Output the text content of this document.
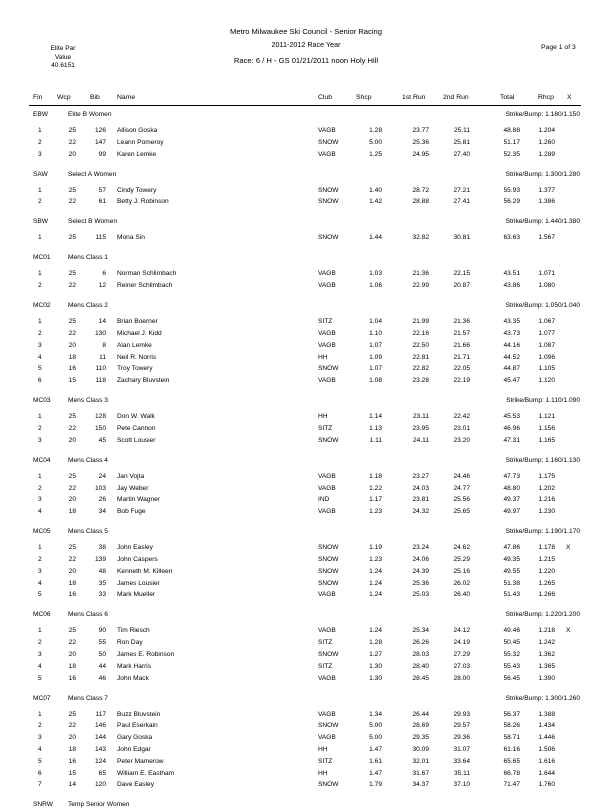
Metro Milwaukee Ski Council - Senior Racing
2011-2012 Race Year
Race: 6 / H - GS 01/21/2011 noon Holy Hill
Elite Par
Value
40.6151
Page 1 of 3
Fin Wcp	Bib	Name	Club	Shcp	1st Run	2nd Run	Total	Rhcp X
EBW	Elite B Women	Strike/Bump: 1.180/1.150
1	25	126 Allison Goska	VAGB	1.28	23.77	25.11	48.88	1.204
2	22	147 Leann Pomeroy	SNOW	5.00	25.36	25.81	51.17	1.260
3	20	99 Karen Lemke	VAGB	1.25	24.95	27.40	52.35	1.289
SAW	Select A Women	Strike/Bump: 1.300/1.280
1	25	57 Cindy Towery	SNOW	1.40	28.72	27.21	55.93	1.377
2	22	61 Betty J. Robinson	SNOW	1.42	28.88	27.41	56.29	1.386
SBW	Select B Women	Strike/Bump: 1.440/1.380
1	25	115 Mona Sin	SNOW	1.44	32.82	30.81	63.63	1.567
MC01	Mens Class 1
1	25	6 Norman Schlimbach	VAGB	1.03	21.36	22.15	43.51	1.071
2	22	12 Reiner Schlimbach	VAGB	1.06	22.99	20.87	43.86	1.080
MC02	Mens Class 2	Strike/Bump: 1.050/1.040
1	25	14 Brian Boerner	SITZ	1.04	21.99	21.36	43.35	1.067
2	22	130 Michael J. Kidd	VAGB	1.10	22.16	21.57	43.73	1.077
3	20	8 Alan Lemke	VAGB	1.07	22.50	21.66	44.16	1.087
4	18	11 Neil R. Norris	HH	1.09	22.81	21.71	44.52	1.096
5	16	110 Troy Towery	SNOW	1.07	22.82	22.05	44.87	1.105
6	15	118 Zachary Bluvstein	VAGB	1.08	23.28	22.19	45.47	1.120
MC03	Mens Class 3	Strike/Bump: 1.110/1.090
1	25	128 Don W. Walk	HH	1.14	23.11	22.42	45.53	1.121
2	22	150 Pete Cannon	SITZ	1.13	23.95	23.01	46.96	1.156
3	20	45 Scott Lousier	SNOW	1.11	24.11	23.20	47.31	1.165
MC04	Mens Class 4	Strike/Bump: 1.160/1.130
1	25	24 Jan Vojta	VAGB	1.18	23.27	24.46	47.73	1.175
2	22	103 Jay Weber	VAGB	1.22	24.03	24.77	48.80	1.202
3	20	26 Martin Wagner	IND	1.17	23.81	25.56	49.37	1.216
4	18	34 Bob Fuge	VAGB	1.23	24.32	25.65	49.97	1.230
MC05	Mens Class 5	Strike/Bump: 1.190/1.170
1	25	38 John Easley	SNOW	1.19	23.24	24.62	47.86	1.178 X
2	22	139 John Caspers	SNOW	1.23	24.06	25.29	49.35	1.215
3	20	48 Kenneth M. Killeen	SNOW	1.24	24.39	25.16	49.55	1.220
4	18	35 James Lousier	SNOW	1.24	25.36	26.02	51.38	1.265
5	16	33 Mark Mueller	VAGB	1.24	25.03	26.40	51.43	1.266
MC06	Mens Class 6	Strike/Bump: 1.220/1.200
1	25	90 Tim Riesch	VAGB	1.24	25.34	24.12	49.46	1.218 X
2	22	55 Ron Day	SITZ	1.28	26.26	24.19	50.45	1.242
3	20	50 James E. Robinson	SNOW	1.27	28.03	27.29	55.32	1.362
4	18	44 Mark Harris	SITZ	1.30	28.40	27.03	55.43	1.365
5	16	46 John Mack	VAGB	1.30	28.45	28.00	56.45	1.390
MC07	Mens Class 7	Strike/Bump: 1.300/1.260
1	25	117 Buzz Bluvstein	VAGB	1.34	26.44	29.93	56.37	1.388
2	22	146 Paul Eserkain	SNOW	5.00	28.69	29.57	58.26	1.434
3	20	144 Gary Goska	VAGB	5.00	29.35	29.36	58.71	1.446
4	18	143 John Edgar	HH	1.47	30.09	31.07	61.16	1.506
5	16	124 Peter Mamerow	SITZ	1.61	32.01	33.64	65.65	1.616
6	15	65 William E. Eastham	HH	1.47	31.67	35.11	66.78	1.644
7	14	120 Dave Easley	SNOW	1.79	34.37	37.10	71.47	1.760
SNRW	Temp Senior Women
